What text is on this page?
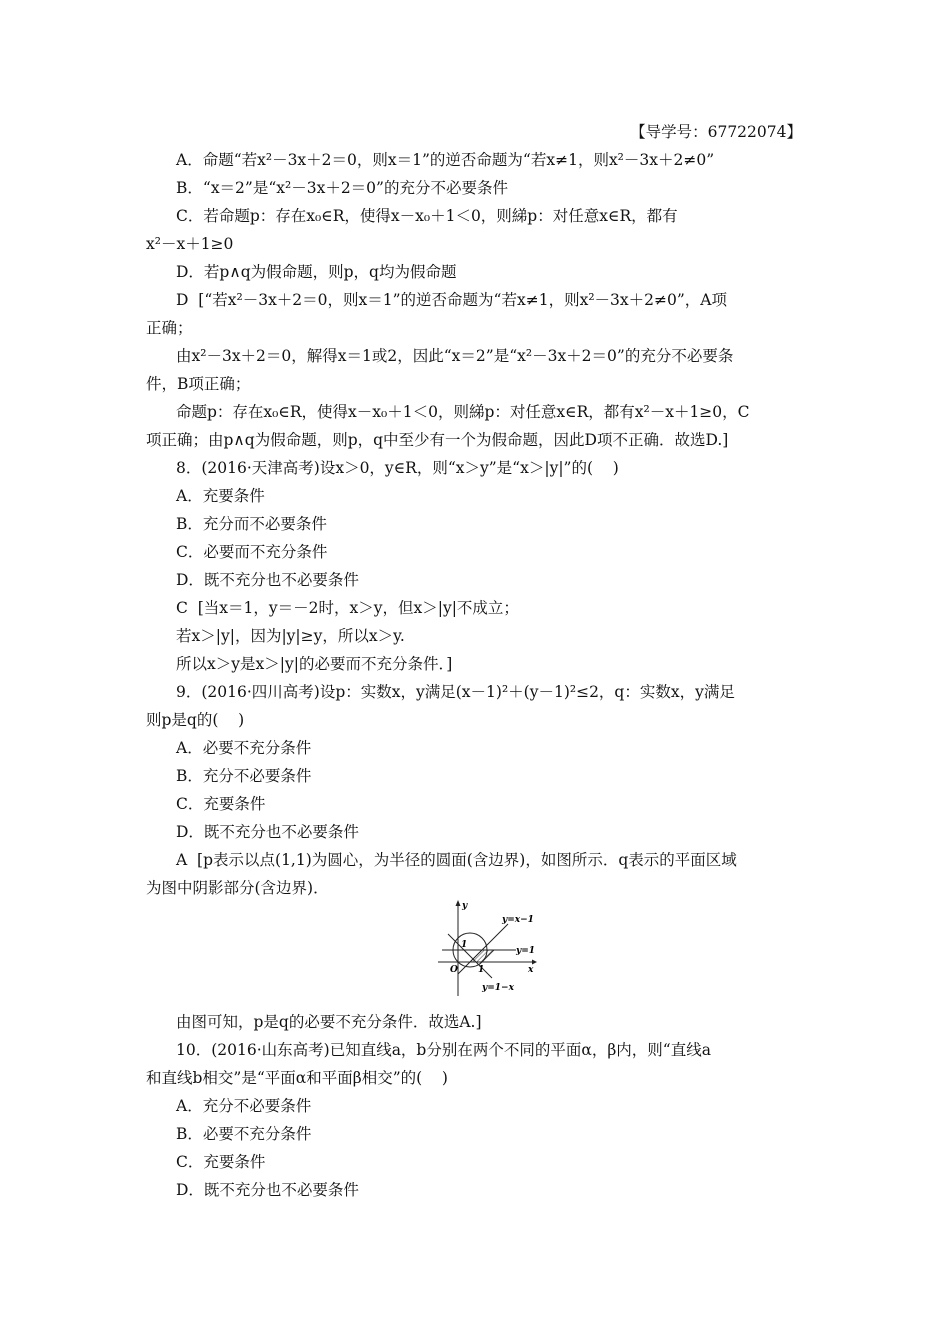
【导学号：67722074】
A．命题“若x²－3x＋2＝0，则x＝1”的逆否命题为“若x≠1，则x²－3x＋2≠0”
B．“x＝2”是“x²－3x＋2＝0”的充分不必要条件
C．若命题p：存在x₀∈R，使得x－x₀＋1＜0，则綈p：对任意x∈R，都有
x²－x＋1≥0
D．若p∧q为假命题，则p，q均为假命题
D  [“若x²－3x＋2＝0，则x＝1”的逆否命题为“若x≠1，则x²－3x＋2≠0”，A项
正确；
由x²－3x＋2＝0，解得x＝1或2，因此“x＝2”是“x²－3x＋2＝0”的充分不必要条
件，B项正确；
命题p：存在x₀∈R，使得x－x₀＋1＜0，则綈p：对任意x∈R，都有x²－x＋1≥0，C
项正确；由p∧q为假命题，则p，q中至少有一个为假命题，因此D项不正确．故选D.]
8．(2016·天津高考)设x＞0，y∈R，则“x＞y”是“x＞|y|”的(    )
A．充要条件
B．充分而不必要条件
C．必要而不充分条件
D．既不充分也不必要条件
C  [当x＝1，y＝－2时，x＞y，但x＞|y|不成立；
若x＞|y|，因为|y|≥y，所以x＞y.
所以x＞y是x＞|y|的必要而不充分条件．]
9．(2016·四川高考)设p：实数x，y满足(x－1)²＋(y－1)²≤2，q：实数x，y满足
则p是q的(    )
A．必要不充分条件
B．充分不必要条件
C．充要条件
D．既不充分也不必要条件
A  [p表示以点(1,1)为圆心，为半径的圆面(含边界)，如图所示．q表示的平面区域
为图中阴影部分(含边界)．
y
x
O
1
1
y=x−1
y=1
y=1−x
由图可知，p是q的必要不充分条件．故选A.]
10．(2016·山东高考)已知直线a，b分别在两个不同的平面α，β内，则“直线a
和直线b相交”是“平面α和平面β相交”的(    )
A．充分不必要条件
B．必要不充分条件
C．充要条件
D．既不充分也不必要条件
